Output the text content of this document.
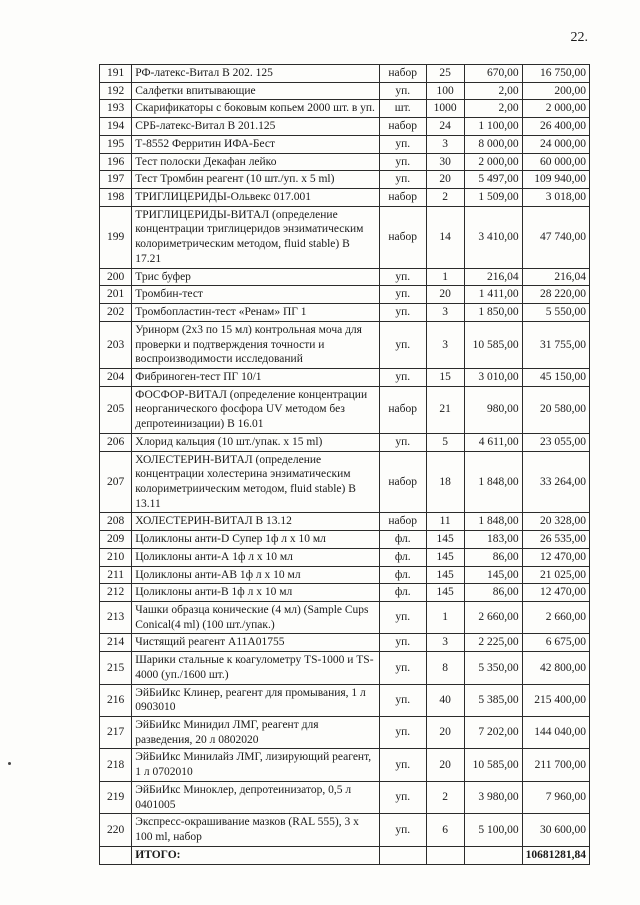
22.
191	РФ-латекс-Витал В 202. 125	набор	25	670,00	16 750,00
192	Салфетки впитывающие	уп.	100	2,00	200,00
193	Скарификаторы с боковым копьем 2000 шт. в уп.	шт.	1000	2,00	2 000,00
194	СРБ-латекс-Витал В 201.125	набор	24	1 100,00	26 400,00
195	Т-8552 Ферритин ИФА-Бест	уп.	3	8 000,00	24 000,00
196	Тест полоски Декафан лейко	уп.	30	2 000,00	60 000,00
197	Тест Тромбин реагент (10 шт./уп. x 5 ml)	уп.	20	5 497,00	109 940,00
198	ТРИГЛИЦЕРИДЫ-Ольвекс 017.001	набор	2	1 509,00	3 018,00
199	ТРИГЛИЦЕРИДЫ-ВИТАЛ (определение концентрации триглицеридов энзиматическим колориметрическим методом, fluid stable) В 17.21	набор	14	3 410,00	47 740,00
200	Трис буфер	уп.	1	216,04	216,04
201	Тромбин-тест	уп.	20	1 411,00	28 220,00
202	Тромбопластин-тест «Ренам» ПГ 1	уп.	3	1 850,00	5 550,00
203	Уринорм (2x3 по 15 мл) контрольная моча для проверки и подтверждения точности и воспроизводимости исследований	уп.	3	10 585,00	31 755,00
204	Фибриноген-тест ПГ 10/1	уп.	15	3 010,00	45 150,00
205	ФОСФОР-ВИТАЛ (определение концентрации неорганического фосфора UV методом без депротеинизации) В 16.01	набор	21	980,00	20 580,00
206	Хлорид кальция (10 шт./упак. x 15 ml)	уп.	5	4 611,00	23 055,00
207	ХОЛЕСТЕРИН-ВИТАЛ (определение концентрации холестерина энзиматическим колориметриическим методом, fluid stable) В 13.11	набор	18	1 848,00	33 264,00
208	ХОЛЕСТЕРИН-ВИТАЛ В 13.12	набор	11	1 848,00	20 328,00
209	Цоликлоны анти-D Супер 1ф л x 10 мл	фл.	145	183,00	26 535,00
210	Цоликлоны анти-А 1ф л x 10 мл	фл.	145	86,00	12 470,00
211	Цоликлоны анти-АВ 1ф л x 10 мл	фл.	145	145,00	21 025,00
212	Цоликлоны анти-В 1ф л x 10 мл	фл.	145	86,00	12 470,00
213	Чашки образца конические (4 мл) (Sample Cups Conical(4 ml) (100 шт./упак.)	уп.	1	2 660,00	2 660,00
214	Чистящий реагент А11А01755	уп.	3	2 225,00	6 675,00
215	Шарики стальные к коагулометру TS-1000 и TS-4000 (уп./1600 шт.)	уп.	8	5 350,00	42 800,00
216	ЭйБиИкс Клинер, реагент для промывания, 1 л 0903010	уп.	40	5 385,00	215 400,00
217	ЭйБиИкс Минидил ЛМГ, реагент для разведения, 20 л 0802020	уп.	20	7 202,00	144 040,00
218	ЭйБиИкс Минилайз ЛМГ, лизирующий реагент, 1 л 0702010	уп.	20	10 585,00	211 700,00
219	ЭйБиИкс Миноклер, депротеинизатор, 0,5 л 0401005	уп.	2	3 980,00	7 960,00
220	Экспресс-окрашивание мазков (RAL 555), 3 x 100 ml, набор	уп.	6	5 100,00	30 600,00
	ИТОГО:				10681281,84
